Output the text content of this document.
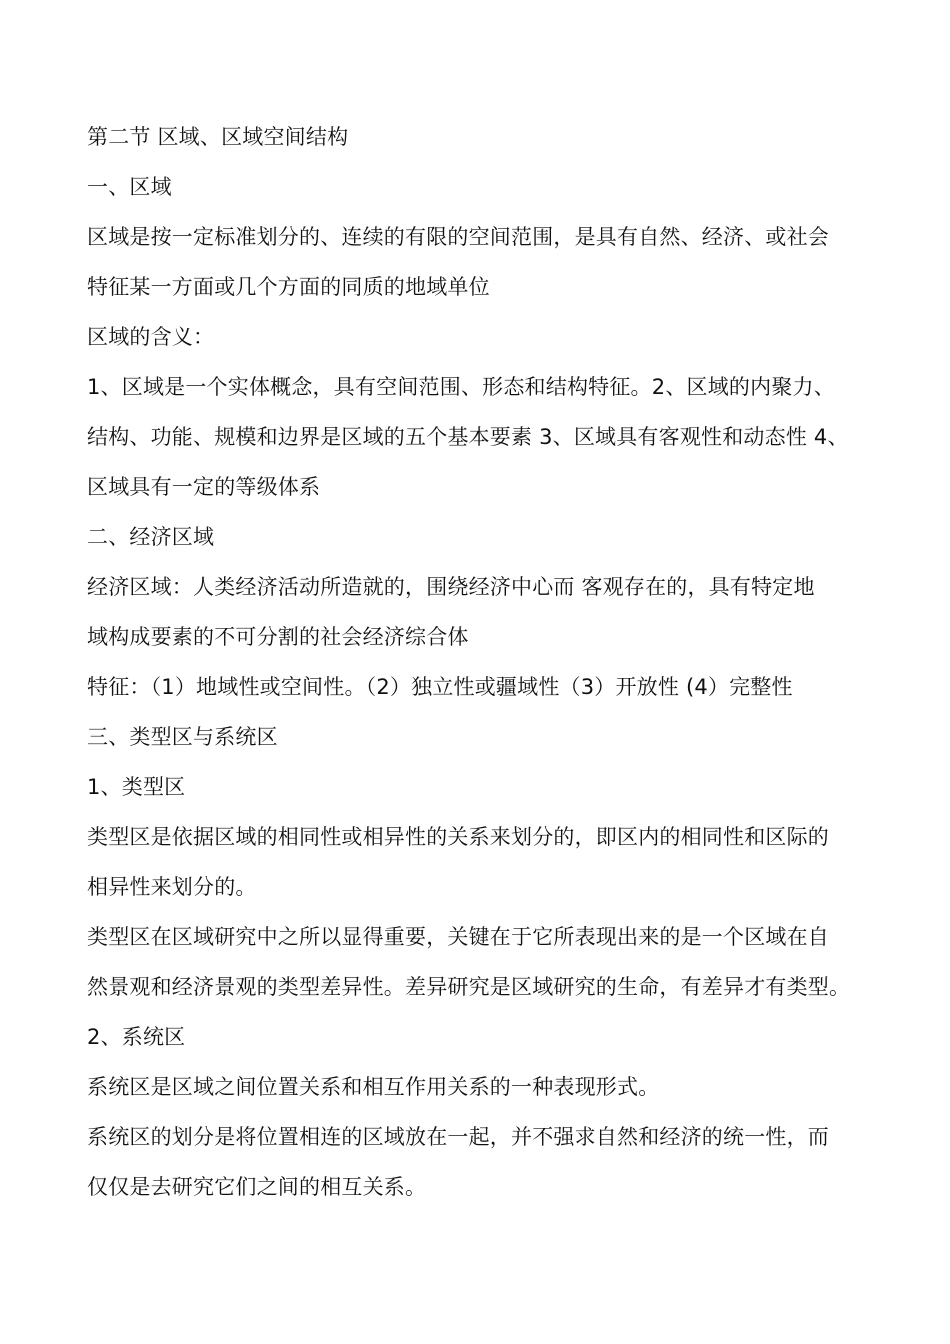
第二节 区域、区域空间结构
一、区域
区域是按一定标准划分的、连续的有限的空间范围，是具有自然、经济、或社会
特征某一方面或几个方面的同质的地域单位
区域的含义：
1、区域是一个实体概念，具有空间范围、形态和结构特征。2、区域的内聚力、
结构、功能、规模和边界是区域的五个基本要素 3、区域具有客观性和动态性 4、
区域具有一定的等级体系
二、经济区域
经济区域：人类经济活动所造就的，围绕经济中心而 客观存在的，具有特定地
域构成要素的不可分割的社会经济综合体
特征：（1）地域性或空间性。（2）独立性或疆域性（3）开放性 (4）完整性
三、类型区与系统区
1、类型区
类型区是依据区域的相同性或相异性的关系来划分的，即区内的相同性和区际的
相异性来划分的。
类型区在区域研究中之所以显得重要，关键在于它所表现出来的是一个区域在自
然景观和经济景观的类型差异性。差异研究是区域研究的生命，有差异才有类型。
2、系统区
系统区是区域之间位置关系和相互作用关系的一种表现形式。
系统区的划分是将位置相连的区域放在一起，并不强求自然和经济的统一性，而
仅仅是去研究它们之间的相互关系。
